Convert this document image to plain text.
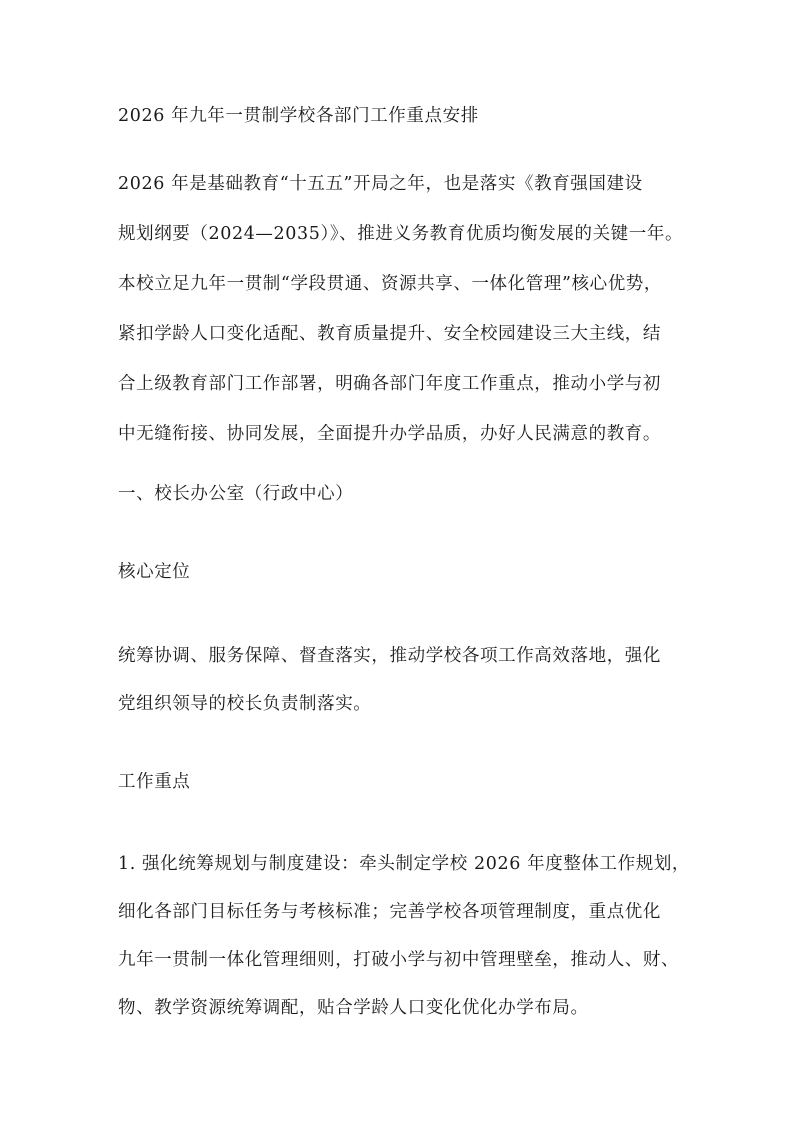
2026 年九年一贯制学校各部门工作重点安排
2026 年是基础教育“十五五”开局之年，也是落实《教育强国建设
规划纲要（2024—2035）》、推进义务教育优质均衡发展的关键一年。
本校立足九年一贯制“学段贯通、资源共享、一体化管理”核心优势，
紧扣学龄人口变化适配、教育质量提升、安全校园建设三大主线，结
合上级教育部门工作部署，明确各部门年度工作重点，推动小学与初
中无缝衔接、协同发展，全面提升办学品质，办好人民满意的教育。
一、校长办公室（行政中心）
核心定位
统筹协调、服务保障、督查落实，推动学校各项工作高效落地，强化
党组织领导的校长负责制落实。
工作重点
1. 强化统筹规划与制度建设：牵头制定学校 2026 年度整体工作规划，
细化各部门目标任务与考核标准；完善学校各项管理制度，重点优化
九年一贯制一体化管理细则，打破小学与初中管理壁垒，推动人、财、
物、教学资源统筹调配，贴合学龄人口变化优化办学布局。
